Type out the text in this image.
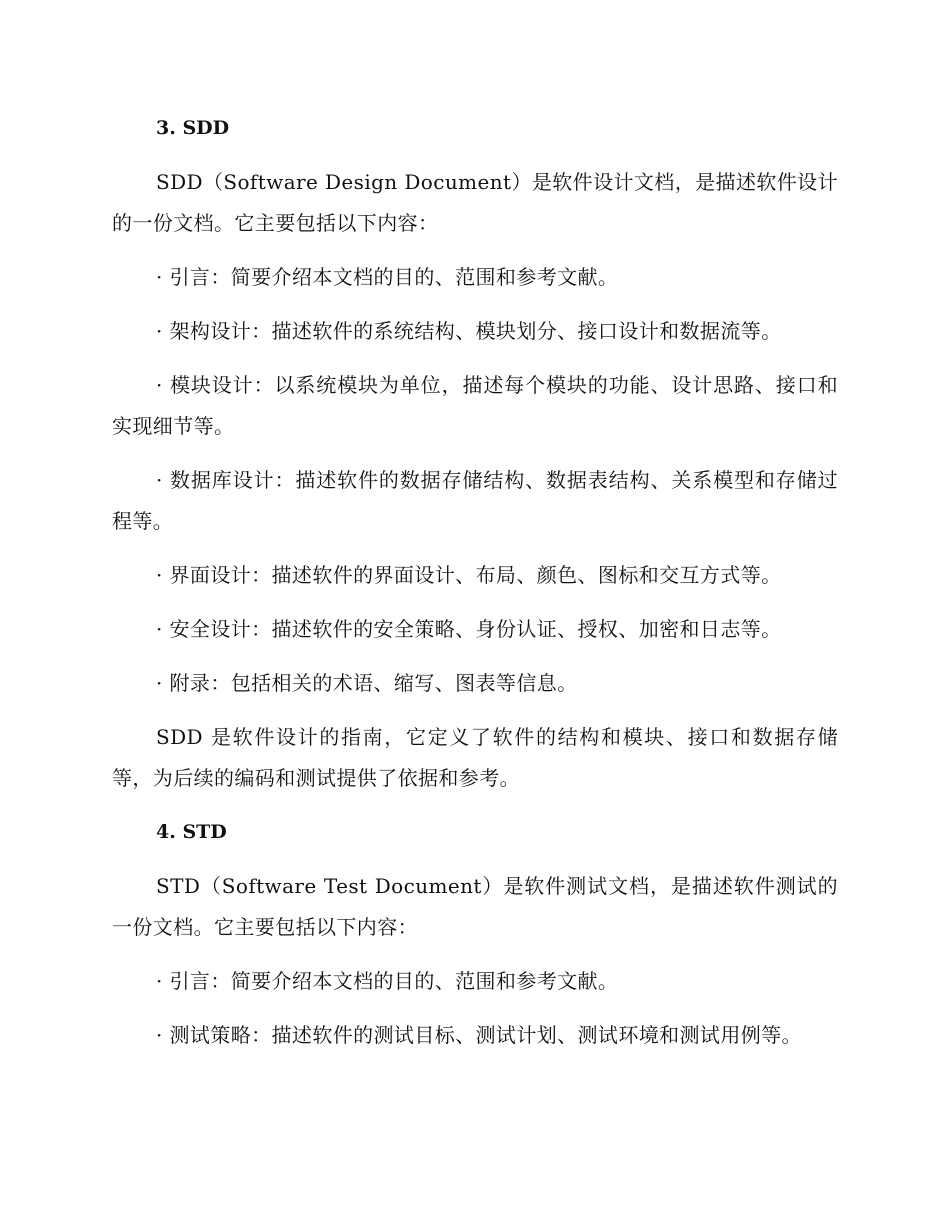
3. SDD

SDD（Software Design Document）是软件设计文档，是描述软件设计的一份文档。它主要包括以下内容：

· 引言：简要介绍本文档的目的、范围和参考文献。

· 架构设计：描述软件的系统结构、模块划分、接口设计和数据流等。

· 模块设计：以系统模块为单位，描述每个模块的功能、设计思路、接口和实现细节等。

· 数据库设计：描述软件的数据存储结构、数据表结构、关系模型和存储过程等。

· 界面设计：描述软件的界面设计、布局、颜色、图标和交互方式等。

· 安全设计：描述软件的安全策略、身份认证、授权、加密和日志等。

· 附录：包括相关的术语、缩写、图表等信息。

SDD 是软件设计的指南，它定义了软件的结构和模块、接口和数据存储等，为后续的编码和测试提供了依据和参考。

4. STD

STD（Software Test Document）是软件测试文档，是描述软件测试的一份文档。它主要包括以下内容：

· 引言：简要介绍本文档的目的、范围和参考文献。

· 测试策略：描述软件的测试目标、测试计划、测试环境和测试用例等。
